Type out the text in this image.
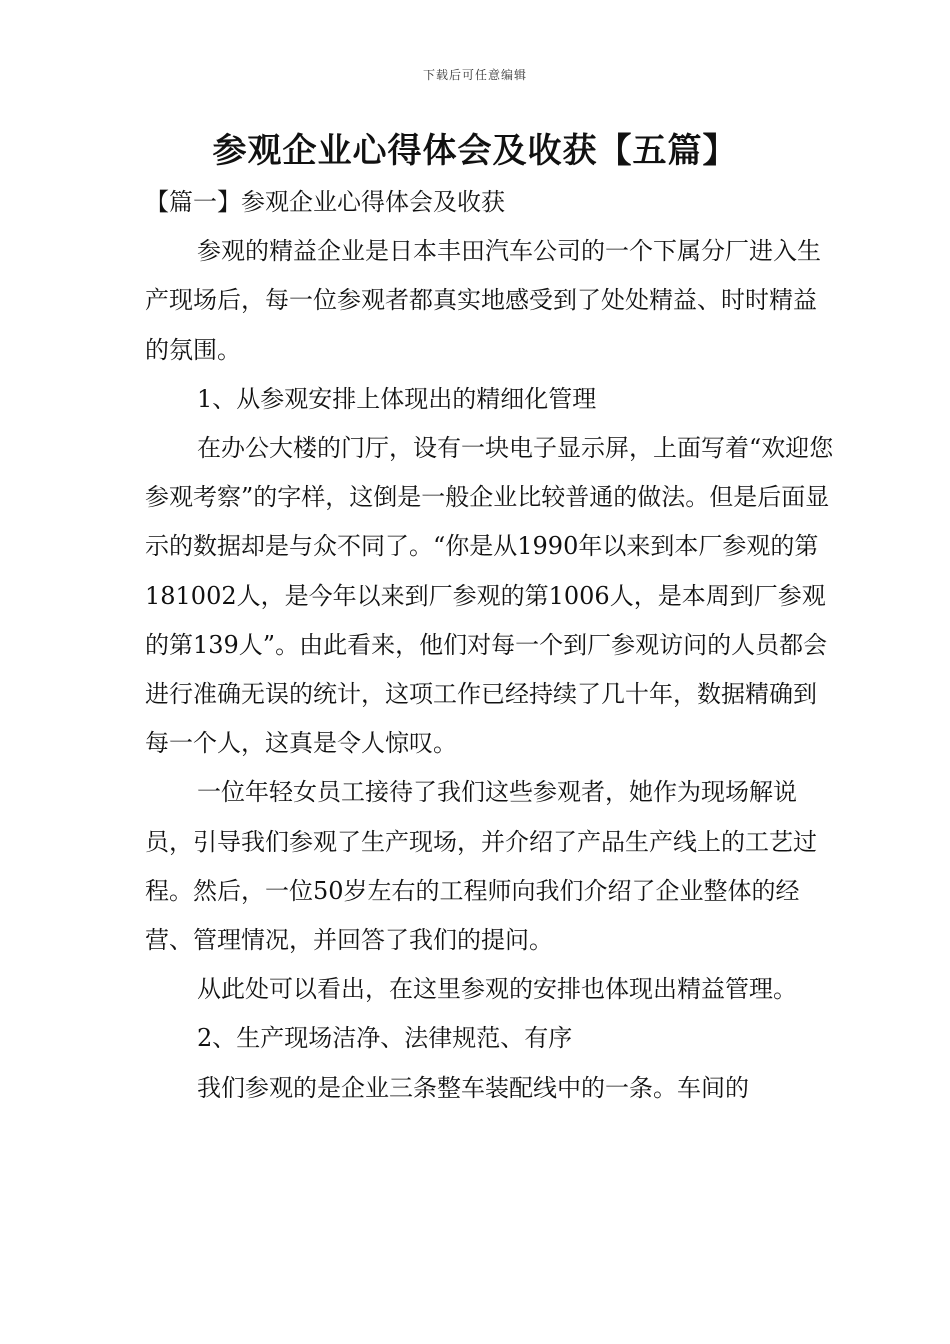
下载后可任意编辑
参观企业心得体会及收获【五篇】

【篇一】参观企业心得体会及收获

参观的精益企业是日本丰田汽车公司的一个下属分厂进入生产现场后，每一位参观者都真实地感受到了处处精益、时时精益的氛围。

1、从参观安排上体现出的精细化管理

在办公大楼的门厅，设有一块电子显示屏，上面写着“欢迎您参观考察”的字样，这倒是一般企业比较普通的做法。但是后面显示的数据却是与众不同了。“你是从1990年以来到本厂参观的第181002人，是今年以来到厂参观的第1006人，是本周到厂参观的第139人”。由此看来，他们对每一个到厂参观访问的人员都会进行准确无误的统计，这项工作已经持续了几十年，数据精确到每一个人，这真是令人惊叹。

一位年轻女员工接待了我们这些参观者，她作为现场解说员，引导我们参观了生产现场，并介绍了产品生产线上的工艺过程。然后，一位50岁左右的工程师向我们介绍了企业整体的经营、管理情况，并回答了我们的提问。

从此处可以看出，在这里参观的安排也体现出精益管理。

2、生产现场洁净、法律规范、有序

我们参观的是企业三条整车装配线中的一条。车间的
